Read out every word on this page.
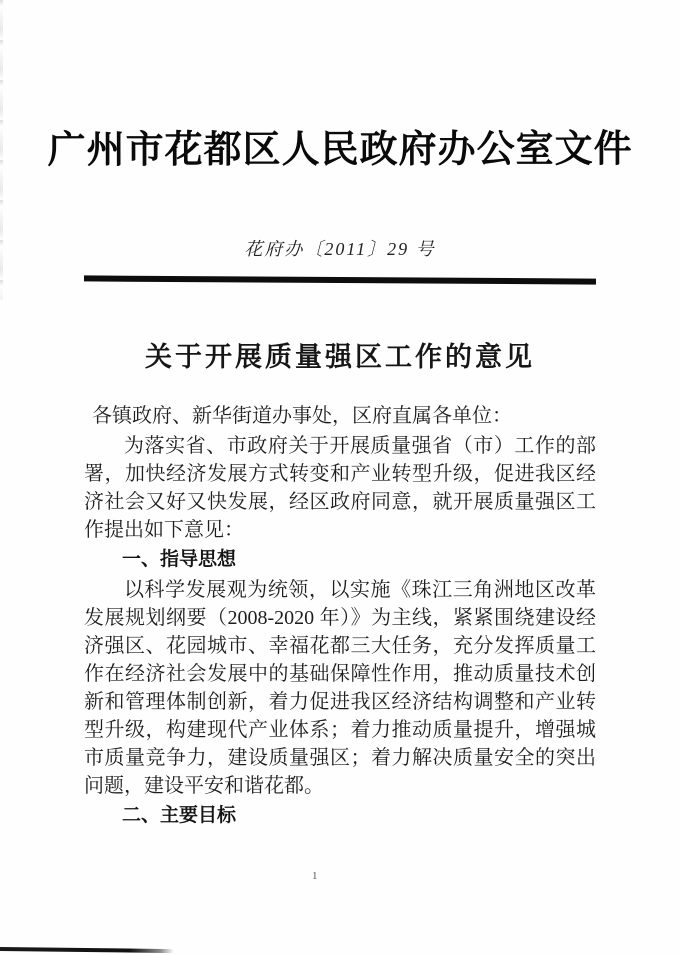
广州市花都区人民政府办公室文件
花府办〔2011〕29 号
关于开展质量强区工作的意见

各镇政府、新华街道办事处，区府直属各单位：

为落实省、市政府关于开展质量强省（市）工作的部署，加快经济发展方式转变和产业转型升级，促进我区经济社会又好又快发展，经区政府同意，就开展质量强区工作提出如下意见：

一、指导思想

以科学发展观为统领，以实施《珠江三角洲地区改革发展规划纲要（2008-2020 年）》为主线，紧紧围绕建设经济强区、花园城市、幸福花都三大任务，充分发挥质量工作在经济社会发展中的基础保障性作用，推动质量技术创新和管理体制创新，着力促进我区经济结构调整和产业转型升级，构建现代产业体系；着力推动质量提升，增强城市质量竞争力，建设质量强区；着力解决质量安全的突出问题，建设平安和谐花都。

二、主要目标

1
